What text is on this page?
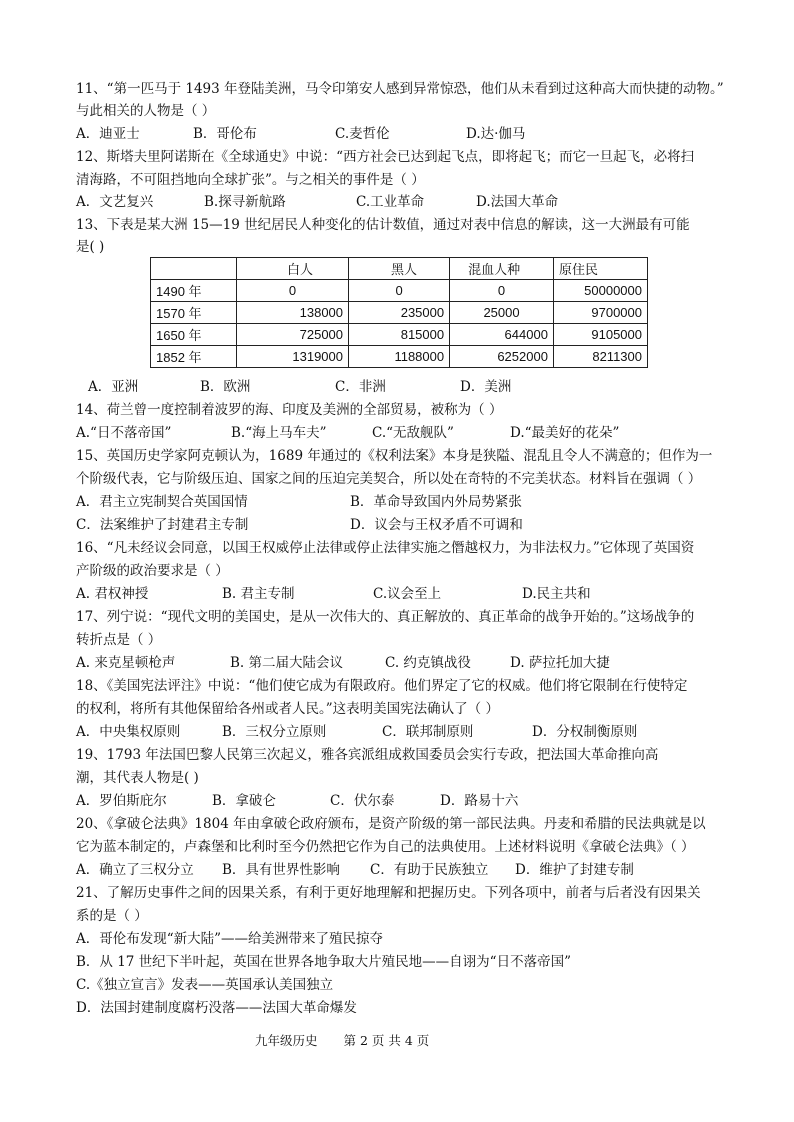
11、“第一匹马于 1493 年登陆美洲，马令印第安人感到异常惊恐，他们从未看到过这种高大而快捷的动物。”
与此相关的人物是（ ）
A．迪亚士	B．哥伦布	C.麦哲伦	D.达·伽马
12、斯塔夫里阿诺斯在《全球通史》中说：“西方社会已达到起飞点，即将起飞；而它一旦起飞，必将扫
清海路，不可阻挡地向全球扩张”。与之相关的事件是（ ）
A．文艺复兴	B.探寻新航路	C.工业革命	D.法国大革命
13、下表是某大洲 15—19 世纪居民人种变化的估计数值，通过对表中信息的解读，这一大洲最有可能
是( )
	白人	黑人	混血人种	原住民
1490 年	0	0	0	50000000
1570 年	138000	235000	25000	9700000
1650 年	725000	815000	644000	9105000
1852 年	1319000	1188000	6252000	8211300
A．亚洲	B．欧洲	C．非洲	D．美洲
14、荷兰曾一度控制着波罗的海、印度及美洲的全部贸易，被称为（ ）
A.“日不落帝国”	B.“海上马车夫”	C.“无敌舰队”	D.“最美好的花朵”
15、英国历史学家阿克顿认为，1689 年通过的《权利法案》本身是狭隘、混乱且令人不满意的；但作为一
个阶级代表，它与阶级压迫、国家之间的压迫完美契合，所以处在奇特的不完美状态。材料旨在强调（ ）
A．君主立宪制契合英国国情	B．革命导致国内外局势紧张
C．法案维护了封建君主专制	D．议会与王权矛盾不可调和
16、“凡未经议会同意，以国王权威停止法律或停止法律实施之僭越权力，为非法权力。”它体现了英国资
产阶级的政治要求是（ ）
A. 君权神授	B. 君主专制	C.议会至上	D.民主共和
17、列宁说：“现代文明的美国史，是从一次伟大的、真正解放的、真正革命的战争开始的。”这场战争的
转折点是（ ）
A. 来克星顿枪声	B. 第二届大陆会议	C. 约克镇战役	D. 萨拉托加大捷
18、《美国宪法评注》中说：“他们使它成为有限政府。他们界定了它的权威。他们将它限制在行使特定
的权利，将所有其他保留给各州或者人民。”这表明美国宪法确认了（ ）
A．中央集权原则	B．三权分立原则	C．联邦制原则	D．分权制衡原则
19、1793 年法国巴黎人民第三次起义，雅各宾派组成救国委员会实行专政，把法国大革命推向高
潮，其代表人物是( )
A．罗伯斯庇尔	B．拿破仑	C．伏尔泰	D．路易十六
20、《拿破仑法典》1804 年由拿破仑政府颁布，是资产阶级的第一部民法典。丹麦和希腊的民法典就是以
它为蓝本制定的，卢森堡和比利时至今仍然把它作为自己的法典使用。上述材料说明《拿破仑法典》（ ）
A．确立了三权分立 B．具有世界性影响 C．有助于民族独立 D．维护了封建专制
21、了解历史事件之间的因果关系，有利于更好地理解和把握历史。下列各项中，前者与后者没有因果关
系的是（ ）
A．哥伦布发现“新大陆”——给美洲带来了殖民掠夺
B．从 17 世纪下半叶起，英国在世界各地争取大片殖民地——自诩为“日不落帝国”
C.《独立宣言》发表——英国承认美国独立
D．法国封建制度腐朽没落——法国大革命爆发
九年级历史 第 2 页 共 4 页
